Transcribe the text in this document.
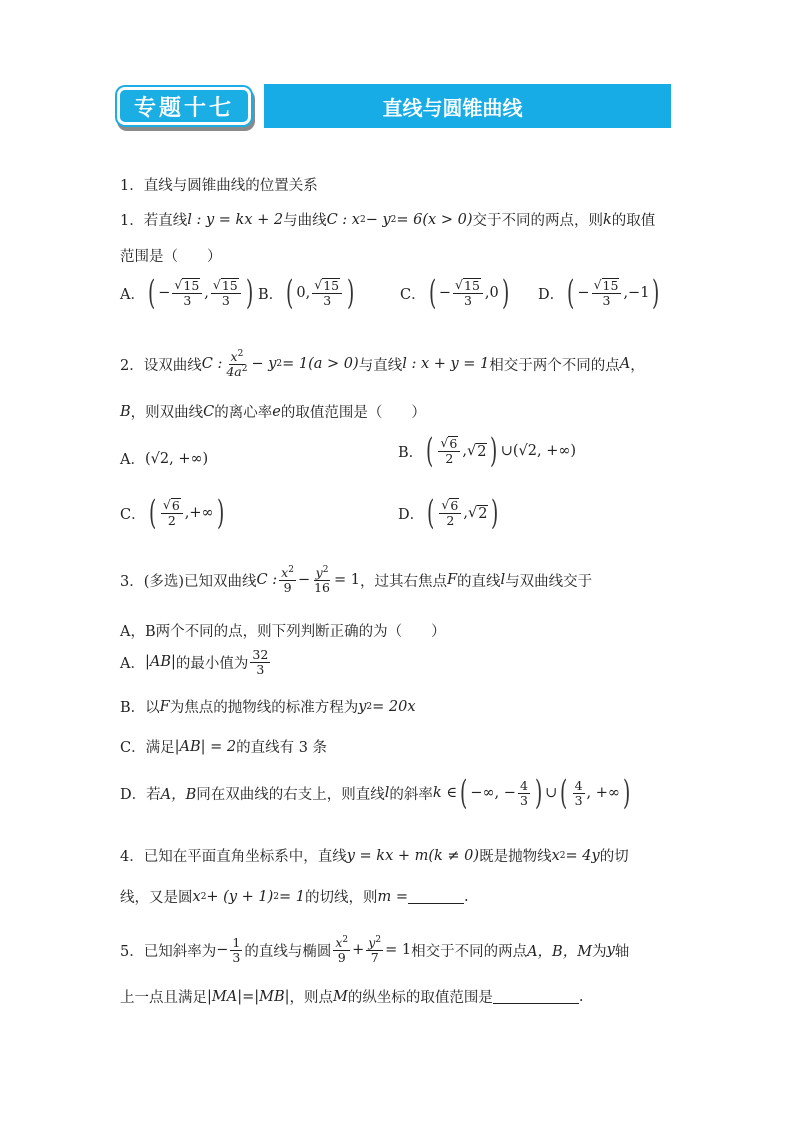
直线与圆锥曲线
专题十七
1．直线与圆锥曲线的位置关系
1．若直线 l : y = kx + 2 与曲线 C : x 2 − y 2 = 6(x > 0) 交于不同的两点，则 k 的取值
范围是（　　）
A． ( − $\frac{√ 15}{3}$ , $\frac{√ 15}{3}$ ) B． ( 0 , $\frac{√ 15}{3}$ )	C． ( − $\frac{√ 15}{3}$ , 0 ) D． ( − $\frac{√ 15}{3}$ , −1 )
2．设双曲线 C : $\frac{x^2}{4a^2} - y$ 2 = 1(a > 0) 与直线 l : x + y = 1 相交于两个不同的点 A ，
B ，则双曲线 C 的离心率 e 的取值范围是（　　）
A． (√2, +∞)	B． ( $\frac{√ 6}{2}$ , √ 2 ) ∪ (√2, +∞)
C． ( $\frac{√ 6}{2}$ , +∞ )	D． ( $\frac{√ 6}{2}$ , √ 2 )
3．(多选)已知双曲线 C : $\frac{x^2}{9} - \frac{y^2}{16} = 1$ ，过其右焦点 F 的直线 l 与双曲线交于
A，B两个不同的点，则下列判断正确的为（　　）
A． |AB| 的最小值为 $\frac{32}{3}$
B．以 F 为焦点的抛物线的标准方程为 y 2 = 20x
C．满足 |AB| = 2 的直线有 3 条
D．若 A，B 同在双曲线的右支上，则直线 l 的斜率 k ∈ ( −∞, − $\frac{4}{3}$ ) ∪ ( $\frac{4}{3}$ , +∞ )
4．已知在平面直角坐标系中，直线 y = kx + m(k ≠ 0) 既是抛物线 x 2 = 4y 的切
线，又是圆 x 2 + (y + 1) 2 = 1 的切线，则 m =	.
5．已知斜率为 − $\frac{1}{3}$ 的直线与椭圆 $\frac{x^2}{9} + \frac{y^2}{7} = 1$ 相交于不同的两点 A，B，M 为 y 轴
上一点且满足 |MA|=|MB| ，则点 M 的纵坐标的取值范围是	.
